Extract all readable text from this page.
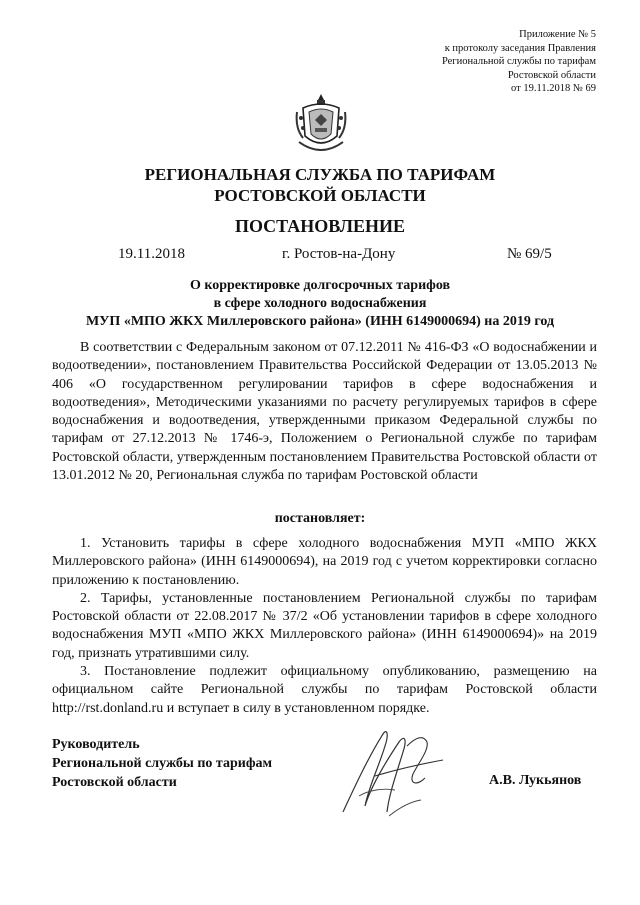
Приложение № 5
к протоколу заседания Правления
Региональной службы по тарифам
Ростовской области
от 19.11.2018 № 69
РЕГИОНАЛЬНАЯ СЛУЖБА ПО ТАРИФАМ
РОСТОВСКОЙ ОБЛАСТИ
ПОСТАНОВЛЕНИЕ
19.11.2018	г. Ростов-на-Дону	№ 69/5
О корректировке долгосрочных тарифов
в сфере холодного водоснабжения
МУП «МПО ЖКХ Миллеровского района» (ИНН 6149000694) на 2019 год

В соответствии с Федеральным законом от 07.12.2011 № 416-ФЗ «О водоснабжении и водоотведении», постановлением Правительства Российской Федерации от 13.05.2013 № 406 «О государственном регулировании тарифов в сфере водоснабжения и водоотведения», Методическими указаниями по расчету регулируемых тарифов в сфере водоснабжения и водоотведения, утвержденными приказом Федеральной службы по тарифам от 27.12.2013 № 1746-э, Положением о Региональной службе по тарифам Ростовской области, утвержденным постановлением Правительства Ростовской области от 13.01.2012 № 20, Региональная служба по тарифам Ростовской области

постановляет:

1. Установить тарифы в сфере холодного водоснабжения МУП «МПО ЖКХ Миллеровского района» (ИНН 6149000694), на 2019 год с учетом корректировки согласно приложению к постановлению.

2. Тарифы, установленные постановлением Региональной службы по тарифам Ростовской области от 22.08.2017 № 37/2 «Об установлении тарифов в сфере холодного водоснабжения МУП «МПО ЖКХ Миллеровского района» (ИНН 6149000694)» на 2019 год, признать утратившими силу.

3. Постановление подлежит официальному опубликованию, размещению на официальном сайте Региональной службы по тарифам Ростовской области http://rst.donland.ru и вступает в силу в установленном порядке.

Руководитель
Региональной службы по тарифам
Ростовской области	А.В. Лукьянов
